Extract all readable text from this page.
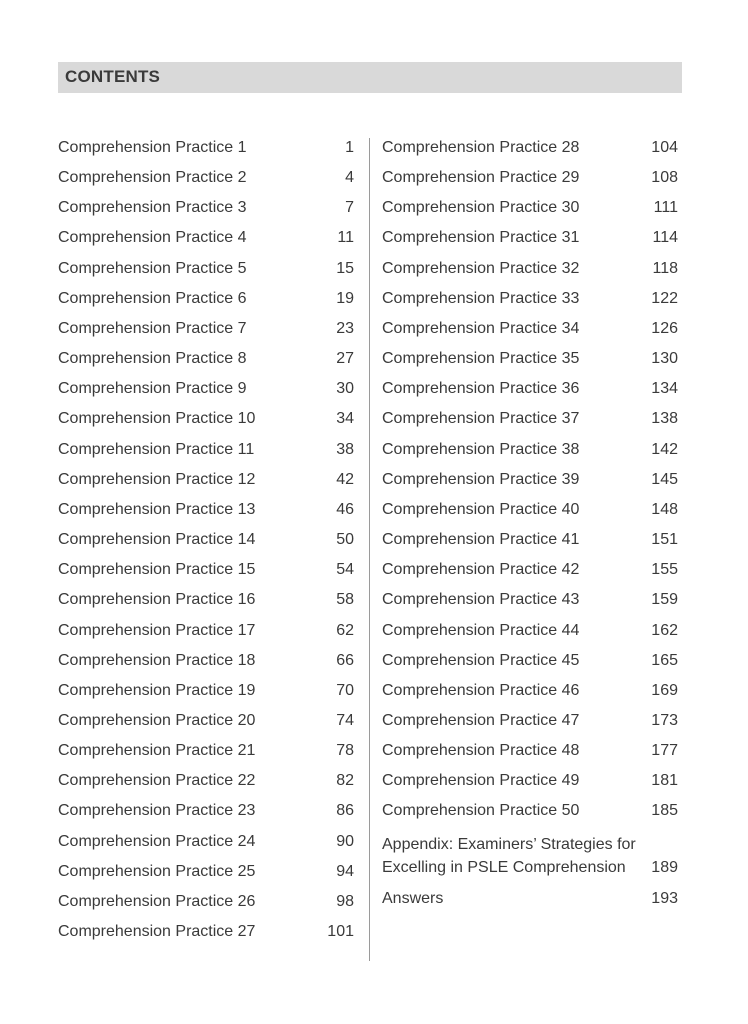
CONTENTS
Comprehension Practice 1	1
Comprehension Practice 2	4
Comprehension Practice 3	7
Comprehension Practice 4	11
Comprehension Practice 5	15
Comprehension Practice 6	19
Comprehension Practice 7	23
Comprehension Practice 8	27
Comprehension Practice 9	30
Comprehension Practice 10	34
Comprehension Practice 11	38
Comprehension Practice 12	42
Comprehension Practice 13	46
Comprehension Practice 14	50
Comprehension Practice 15	54
Comprehension Practice 16	58
Comprehension Practice 17	62
Comprehension Practice 18	66
Comprehension Practice 19	70
Comprehension Practice 20	74
Comprehension Practice 21	78
Comprehension Practice 22	82
Comprehension Practice 23	86
Comprehension Practice 24	90
Comprehension Practice 25	94
Comprehension Practice 26	98
Comprehension Practice 27	101
Comprehension Practice 28	104
Comprehension Practice 29	108
Comprehension Practice 30	111
Comprehension Practice 31	114
Comprehension Practice 32	118
Comprehension Practice 33	122
Comprehension Practice 34	126
Comprehension Practice 35	130
Comprehension Practice 36	134
Comprehension Practice 37	138
Comprehension Practice 38	142
Comprehension Practice 39	145
Comprehension Practice 40	148
Comprehension Practice 41	151
Comprehension Practice 42	155
Comprehension Practice 43	159
Comprehension Practice 44	162
Comprehension Practice 45	165
Comprehension Practice 46	169
Comprehension Practice 47	173
Comprehension Practice 48	177
Comprehension Practice 49	181
Comprehension Practice 50	185
Appendix: Examiners’ Strategies for
Excelling in PSLE Comprehension	189
Answers	193
